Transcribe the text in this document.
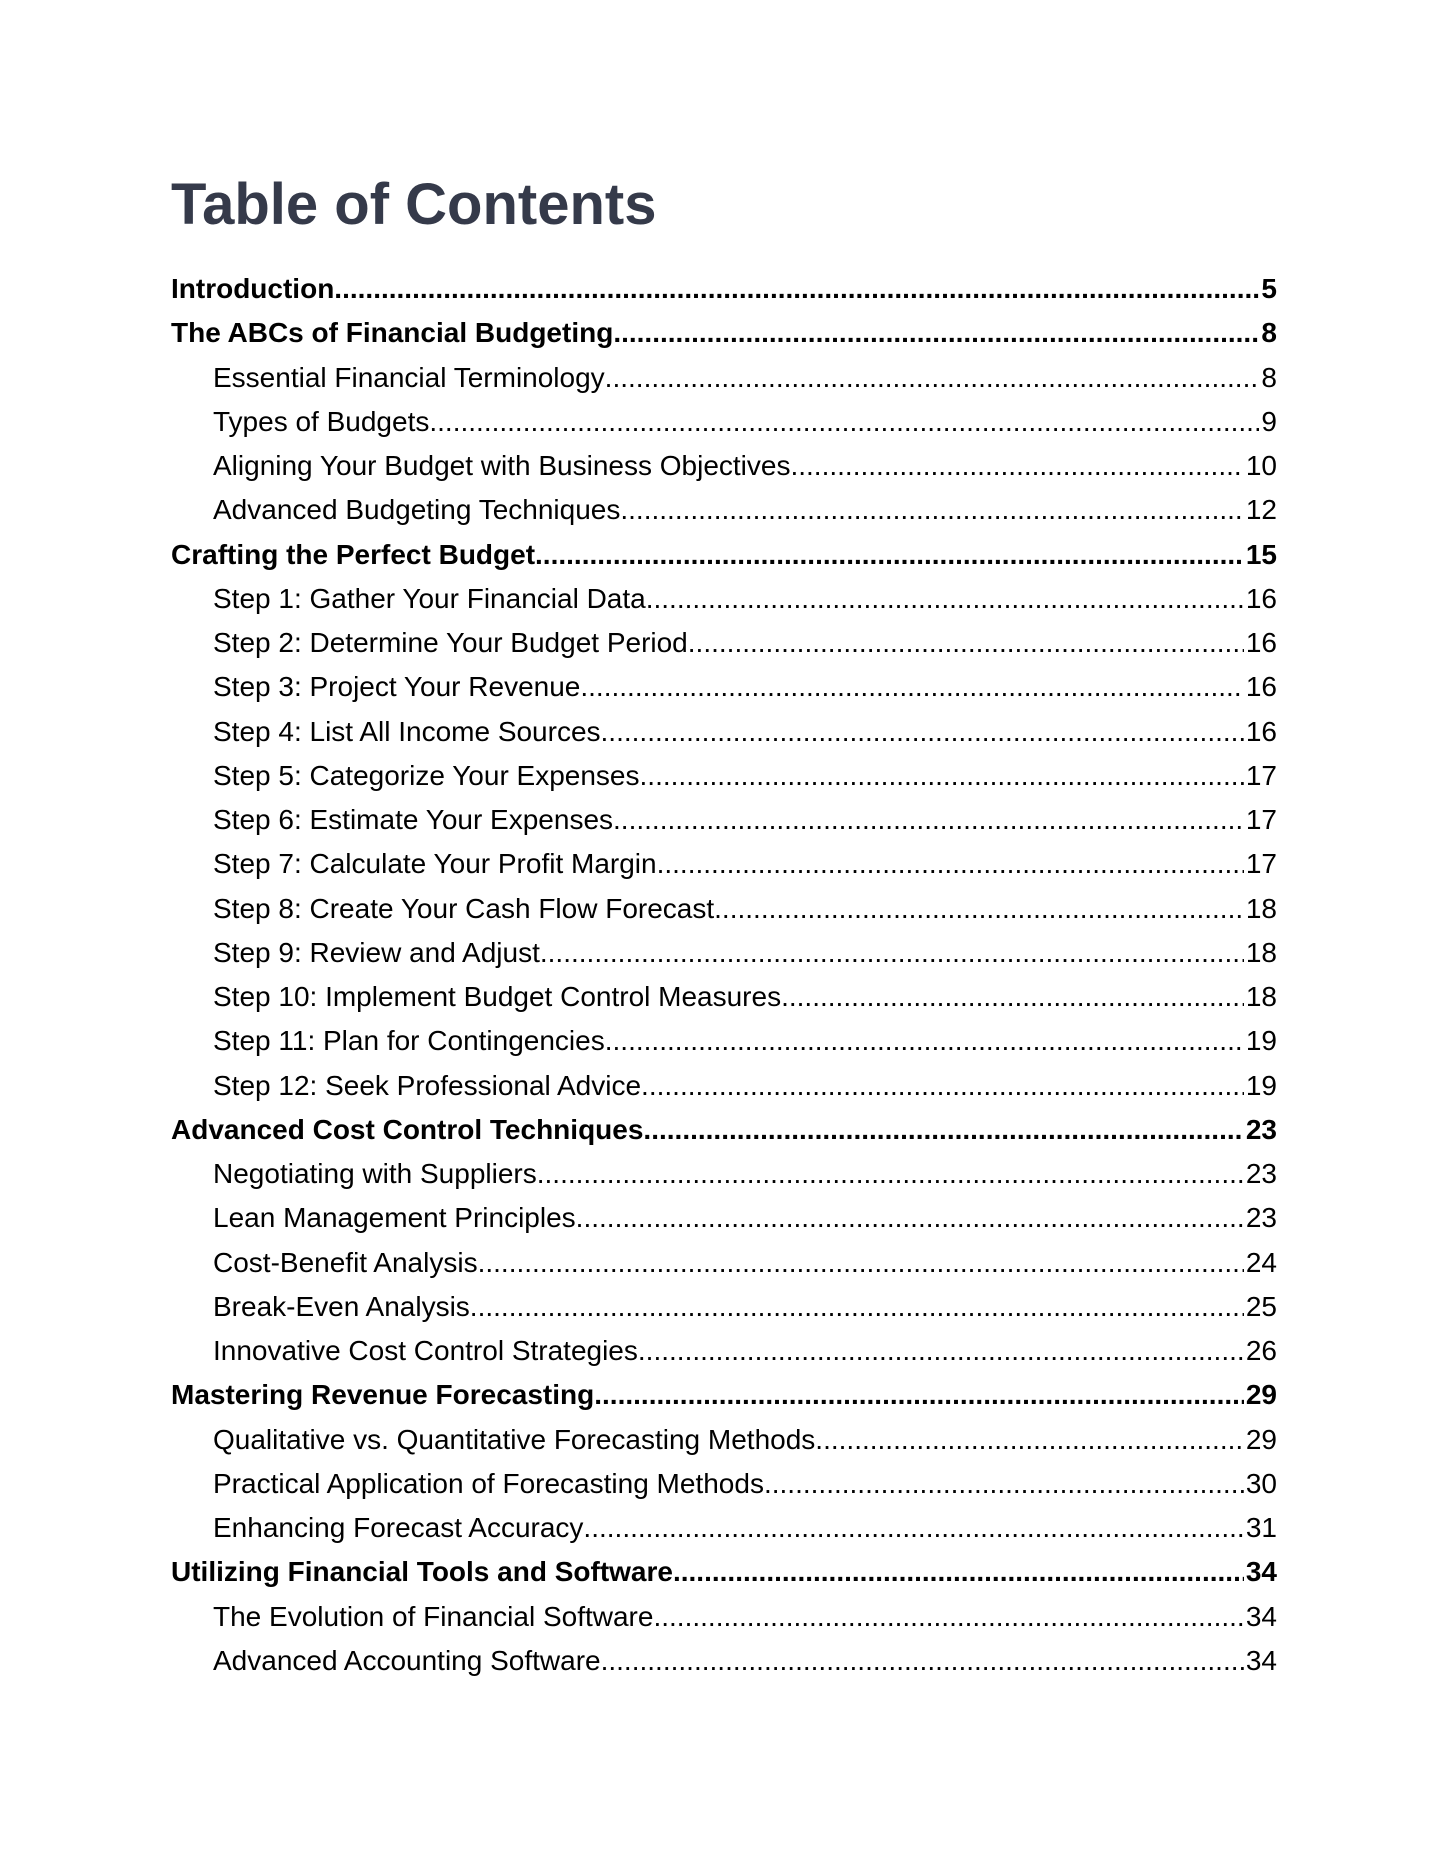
Table of Contents
Introduction .....	5
The ABCs of Financial Budgeting .....	8
Essential Financial Terminology .....	8
Types of Budgets .....	9
Aligning Your Budget with Business Objectives .....	10
Advanced Budgeting Techniques .....	12
Crafting the Perfect Budget .....	15
Step 1: Gather Your Financial Data .....	16
Step 2: Determine Your Budget Period .....	16
Step 3: Project Your Revenue .....	16
Step 4: List All Income Sources .....	16
Step 5: Categorize Your Expenses .....	17
Step 6: Estimate Your Expenses .....	17
Step 7: Calculate Your Profit Margin .....	17
Step 8: Create Your Cash Flow Forecast .....	18
Step 9: Review and Adjust .....	18
Step 10: Implement Budget Control Measures .....	18
Step 11: Plan for Contingencies .....	19
Step 12: Seek Professional Advice .....	19
Advanced Cost Control Techniques .....	23
Negotiating with Suppliers .....	23
Lean Management Principles .....	23
Cost-Benefit Analysis .....	24
Break-Even Analysis .....	25
Innovative Cost Control Strategies .....	26
Mastering Revenue Forecasting .....	29
Qualitative vs. Quantitative Forecasting Methods .....	29
Practical Application of Forecasting Methods .....	30
Enhancing Forecast Accuracy .....	31
Utilizing Financial Tools and Software .....	34
The Evolution of Financial Software .....	34
Advanced Accounting Software .....	34
